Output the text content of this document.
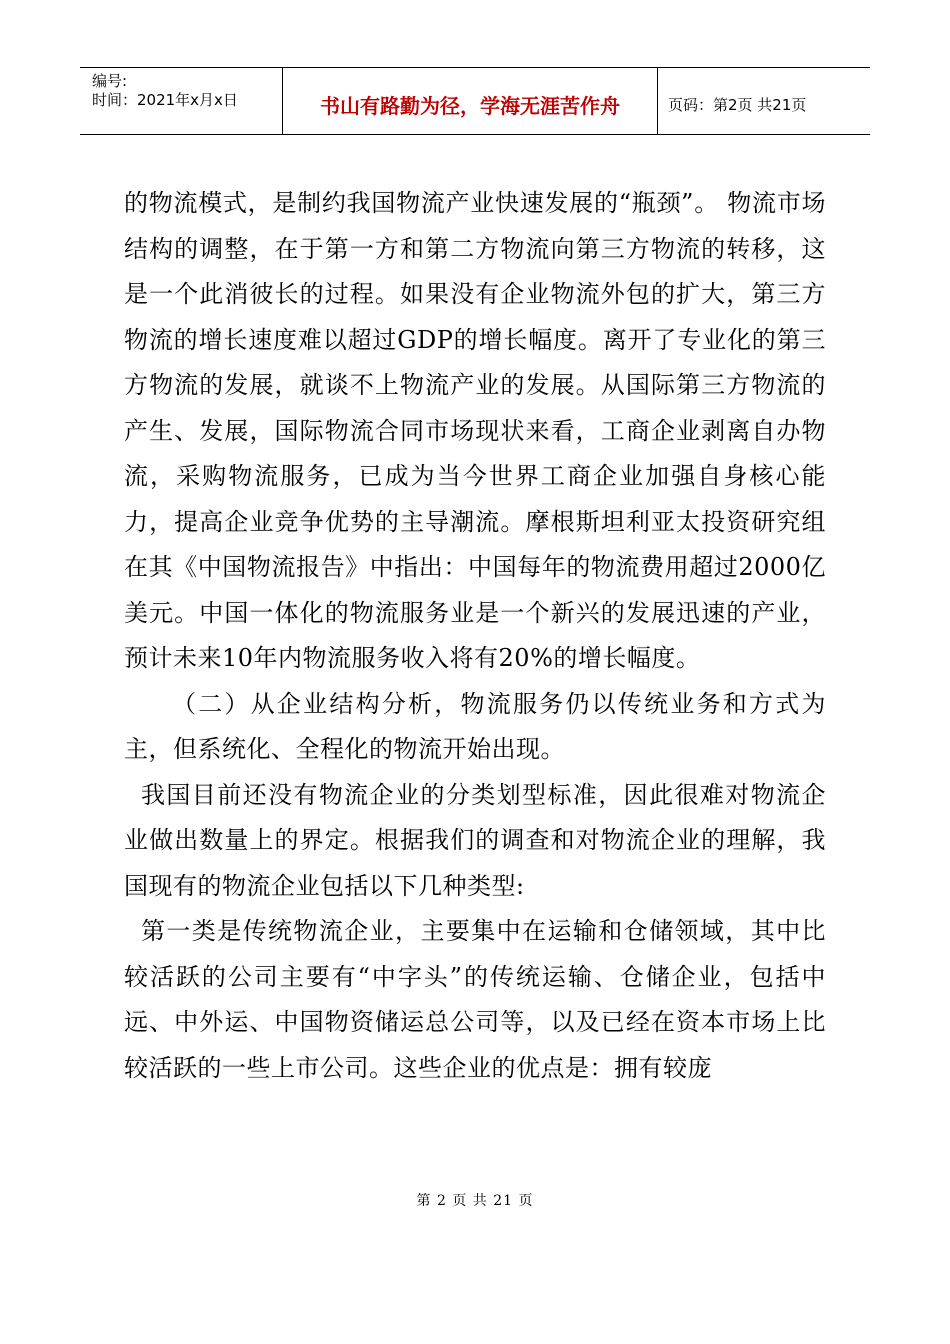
编号:
时间：2021年x月x日	书山有路勤为径，学海无涯苦作舟	页码：第2页 共21页

的物流模式，是制约我国物流产业快速发展的“瓶颈”。 物流市场结构的调整，在于第一方和第二方物流向第三方物流的转移，这是一个此消彼长的过程。如果没有企业物流外包的扩大，第三方物流的增长速度难以超过GDP的增长幅度。离开了专业化的第三方物流的发展，就谈不上物流产业的发展。从国际第三方物流的产生、发展，国际物流合同市场现状来看，工商企业剥离自办物流，采购物流服务，已成为当今世界工商企业加强自身核心能力，提高企业竞争优势的主导潮流。摩根斯坦利亚太投资研究组在其《中国物流报告》中指出：中国每年的物流费用超过2000亿美元。中国一体化的物流服务业是一个新兴的发展迅速的产业，预计未来10年内物流服务收入将有20%的增长幅度。

（二）从企业结构分析，物流服务仍以传统业务和方式为主，但系统化、全程化的物流开始出现。

我国目前还没有物流企业的分类划型标准，因此很难对物流企业做出数量上的界定。根据我们的调查和对物流企业的理解，我国现有的物流企业包括以下几种类型:

第一类是传统物流企业，主要集中在运输和仓储领域，其中比较活跃的公司主要有“中字头”的传统运输、仓储企业，包括中远、中外运、中国物资储运总公司等，以及已经在资本市场上比较活跃的一些上市公司。这些企业的优点是：拥有较庞

第 2 页 共 21 页
